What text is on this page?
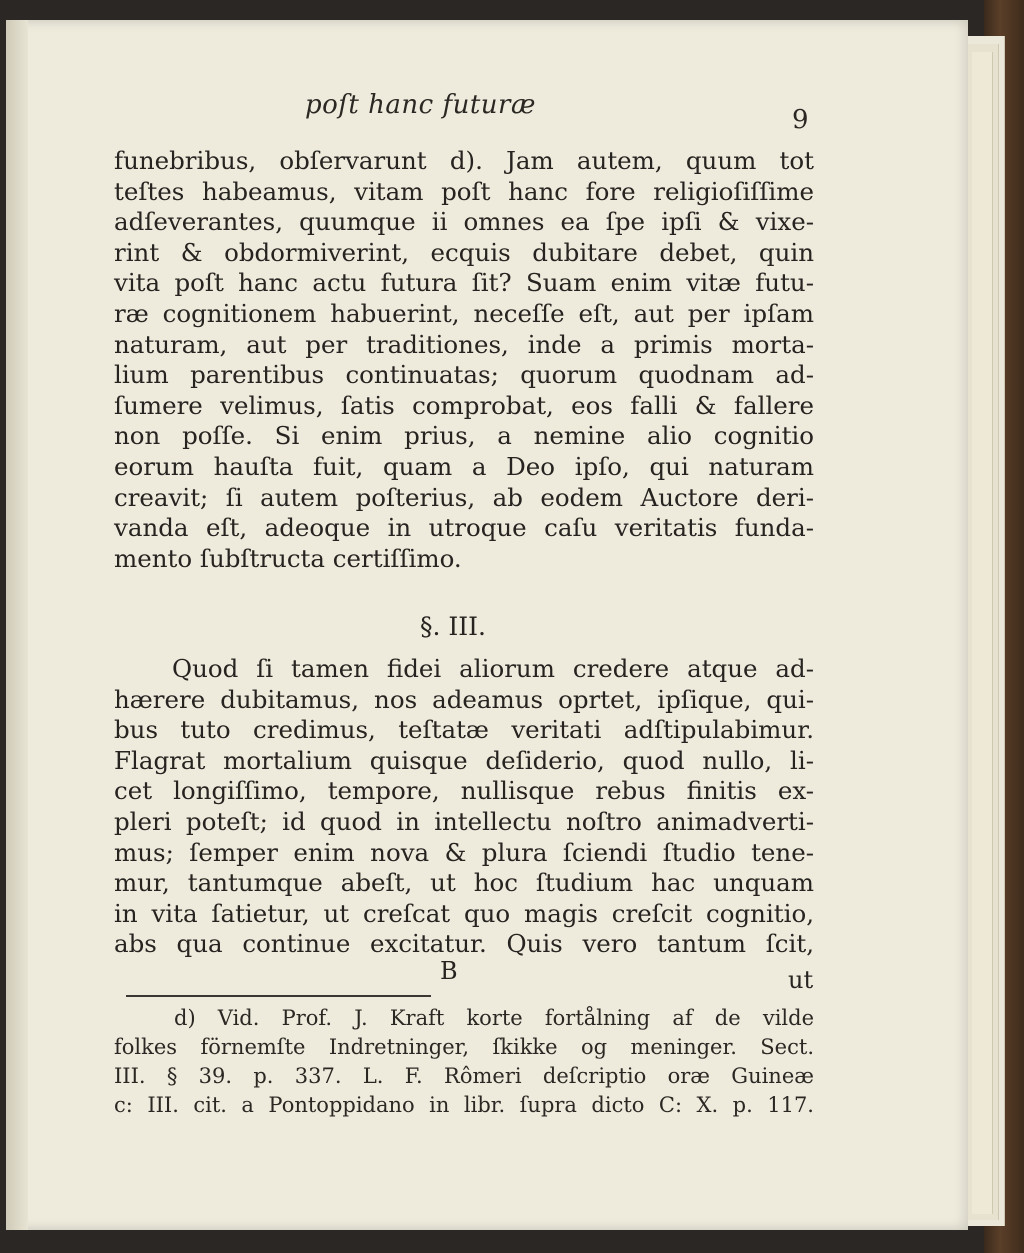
poſt hanc futuræ	9
funebribus, obſervarunt d). Jam autem, quum tot
teſtes habeamus, vitam poſt hanc fore religioſiſſime
adſeverantes, quumque ii omnes ea ſpe ipſi & vixe-
rint & obdormiverint, ecquis dubitare debet, quin
vita poſt hanc actu futura ſit? Suam enim vitæ futu-
ræ cognitionem habuerint, neceſſe eſt, aut per ipſam
naturam, aut per traditiones, inde a primis morta-
lium parentibus continuatas; quorum quodnam ad-
ſumere velimus, ſatis comprobat, eos falli & fallere
non poſſe. Si enim prius, a nemine alio cognitio
eorum hauſta fuit, quam a Deo ipſo, qui naturam
creavit; ſi autem poſterius, ab eodem Auctore deri-
vanda eſt, adeoque in utroque caſu veritatis funda-
mento ſubſtructa certiſſimo.
§. III.
Quod ſi tamen fidei aliorum credere atque ad-
hærere dubitamus, nos adeamus oprtet, ipſique, qui-
bus tuto credimus, teſtatæ veritati adſtipulabimur.
Flagrat mortalium quisque deſiderio, quod nullo, li-
cet longiſſimo, tempore, nullisque rebus finitis ex-
pleri poteſt; id quod in intellectu noſtro animadverti-
mus; ſemper enim nova & plura ſciendi ſtudio tene-
mur, tantumque abeſt, ut hoc ſtudium hac unquam
in vita ſatietur, ut creſcat quo magis creſcit cognitio,
abs qua continue excitatur. Quis vero tantum ſcit,
B	ut
d) Vid. Prof. J. Kraft korte fortålning af de vilde
folkes förnemſte Indretninger, ſkikke og meninger. Sect.
III. § 39. p. 337. L. F. Rômeri deſcriptio oræ Guineæ
c: III. cit. a Pontoppidano in libr. ſupra dicto C: X. p. 117.
